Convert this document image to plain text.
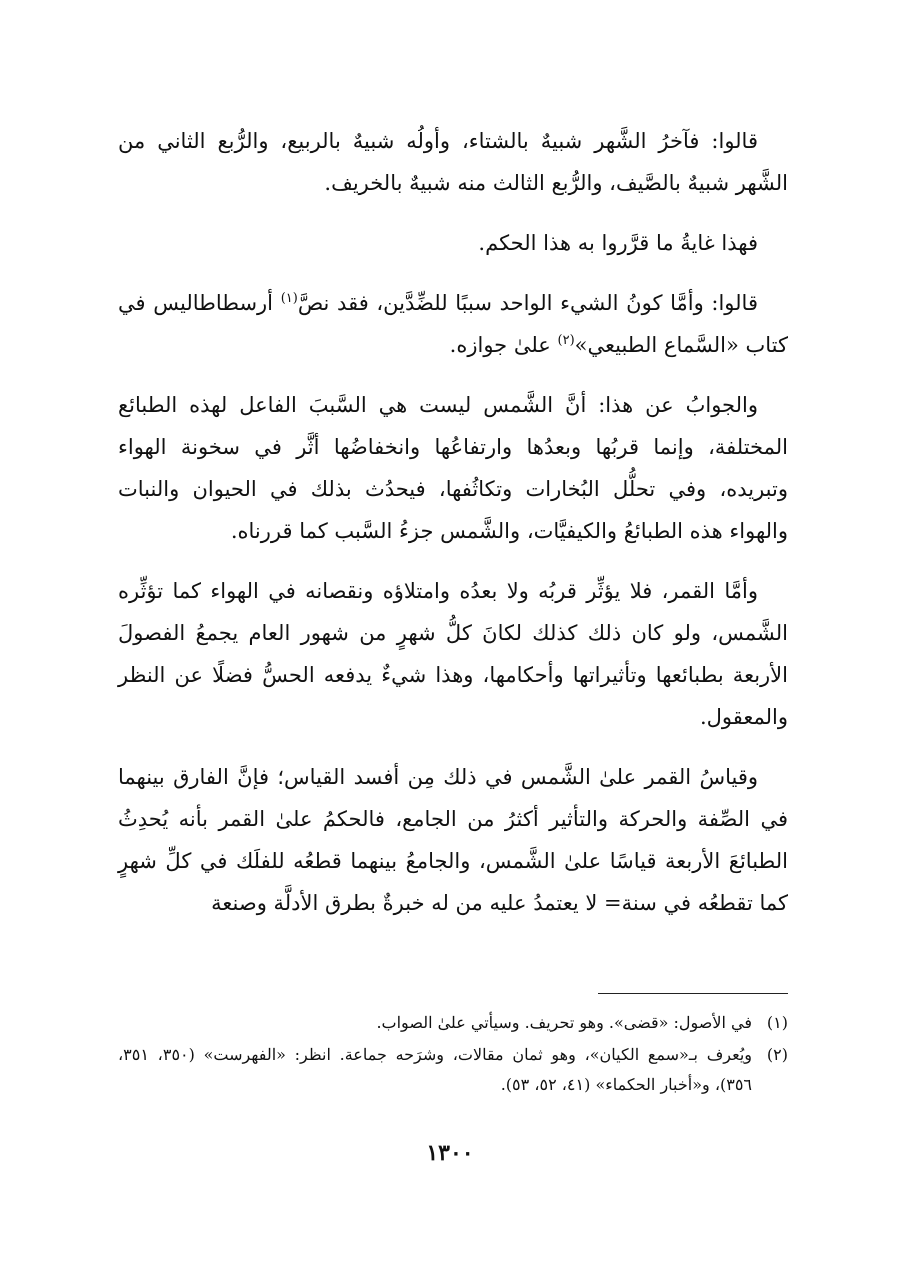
قالوا: فآخرُ الشَّهر شبيهٌ بالشتاء، وأولُه شبيهٌ بالربيع، والرُّبع الثاني من الشَّهر شبيهٌ بالصَّيف، والرُّبع الثالث منه شبيهٌ بالخريف.

فهذا غايةُ ما قرَّروا به هذا الحكم.

قالوا: وأمَّا كونُ الشيء الواحد سببًا للضِّدَّين، فقد نصَّ$^{(١)}$ أرسطاطاليس في كتاب «السَّماع الطبيعي»$^{(٢)}$ علىٰ جوازه.

والجوابُ عن هذا: أنَّ الشَّمس ليست هي السَّببَ الفاعل لهذه الطبائع المختلفة، وإنما قربُها وبعدُها وارتفاعُها وانخفاضُها أثَّر في سخونة الهواء وتبريده، وفي تحلُّل البُخارات وتكاثُفها، فيحدُث بذلك في الحيوان والنبات والهواء هذه الطبائعُ والكيفيَّات، والشَّمس جزءُ السَّبب كما قررناه.

وأمَّا القمر، فلا يؤثِّر قربُه ولا بعدُه وامتلاؤه ونقصانه في الهواء كما تؤثِّره الشَّمس، ولو كان ذلك كذلك لكانَ كلُّ شهرٍ من شهور العام يجمعُ الفصولَ الأربعة بطبائعها وتأثيراتها وأحكامها، وهذا شيءٌ يدفعه الحسُّ فضلًا عن النظر والمعقول.

وقياسُ القمر علىٰ الشَّمس في ذلك مِن أفسد القياس؛ فإنَّ الفارق بينهما في الصِّفة والحركة والتأثير أكثرُ من الجامع، فالحكمُ علىٰ القمر بأنه يُحدِثُ الطبائعَ الأربعة قياسًا علىٰ الشَّمس، والجامعُ بينهما قطعُه للفلَك في كلِّ شهرٍ كما تقطعُه في سنة= لا يعتمدُ عليه من له خبرةٌ بطرق الأدلَّة وصنعة

(١)
في الأصول: «قضى». وهو تحريف. وسيأتي علىٰ الصواب.

(٢)
ويُعرف بـ«سمع الكيان»، وهو ثمان مقالات، وشرَحه جماعة. انظر: «الفهرست» (٣٥٠، ٣٥١، ٣٥٦)، و«أخبار الحكماء» (٤١، ٥٢، ٥٣).

١٣٠٠
